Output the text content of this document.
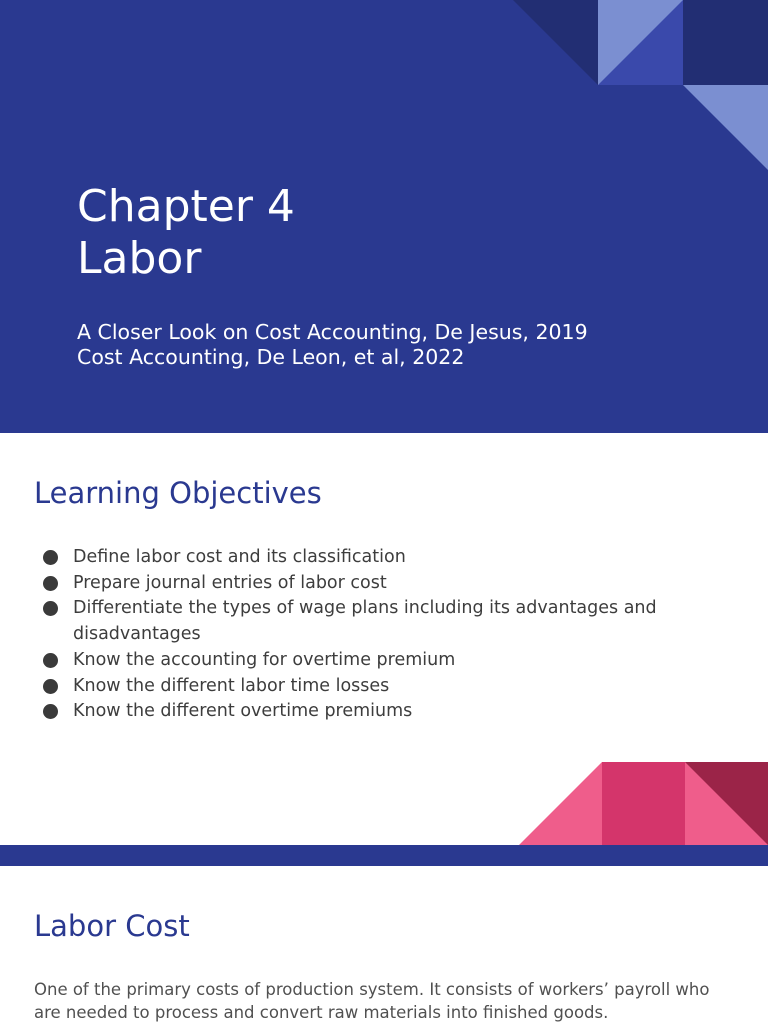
Chapter 4
Labor
A Closer Look on Cost Accounting, De Jesus, 2019
Cost Accounting, De Leon, et al, 2022
Learning Objectives
Define labor cost and its classification
Prepare journal entries of labor cost
Differentiate the types of wage plans including its advantages and disadvantages
Know the accounting for overtime premium
Know the different labor time losses
Know the different overtime premiums
Labor Cost
One of the primary costs of production system. It consists of workers’ payroll who are needed to process and convert raw materials into finished goods.
